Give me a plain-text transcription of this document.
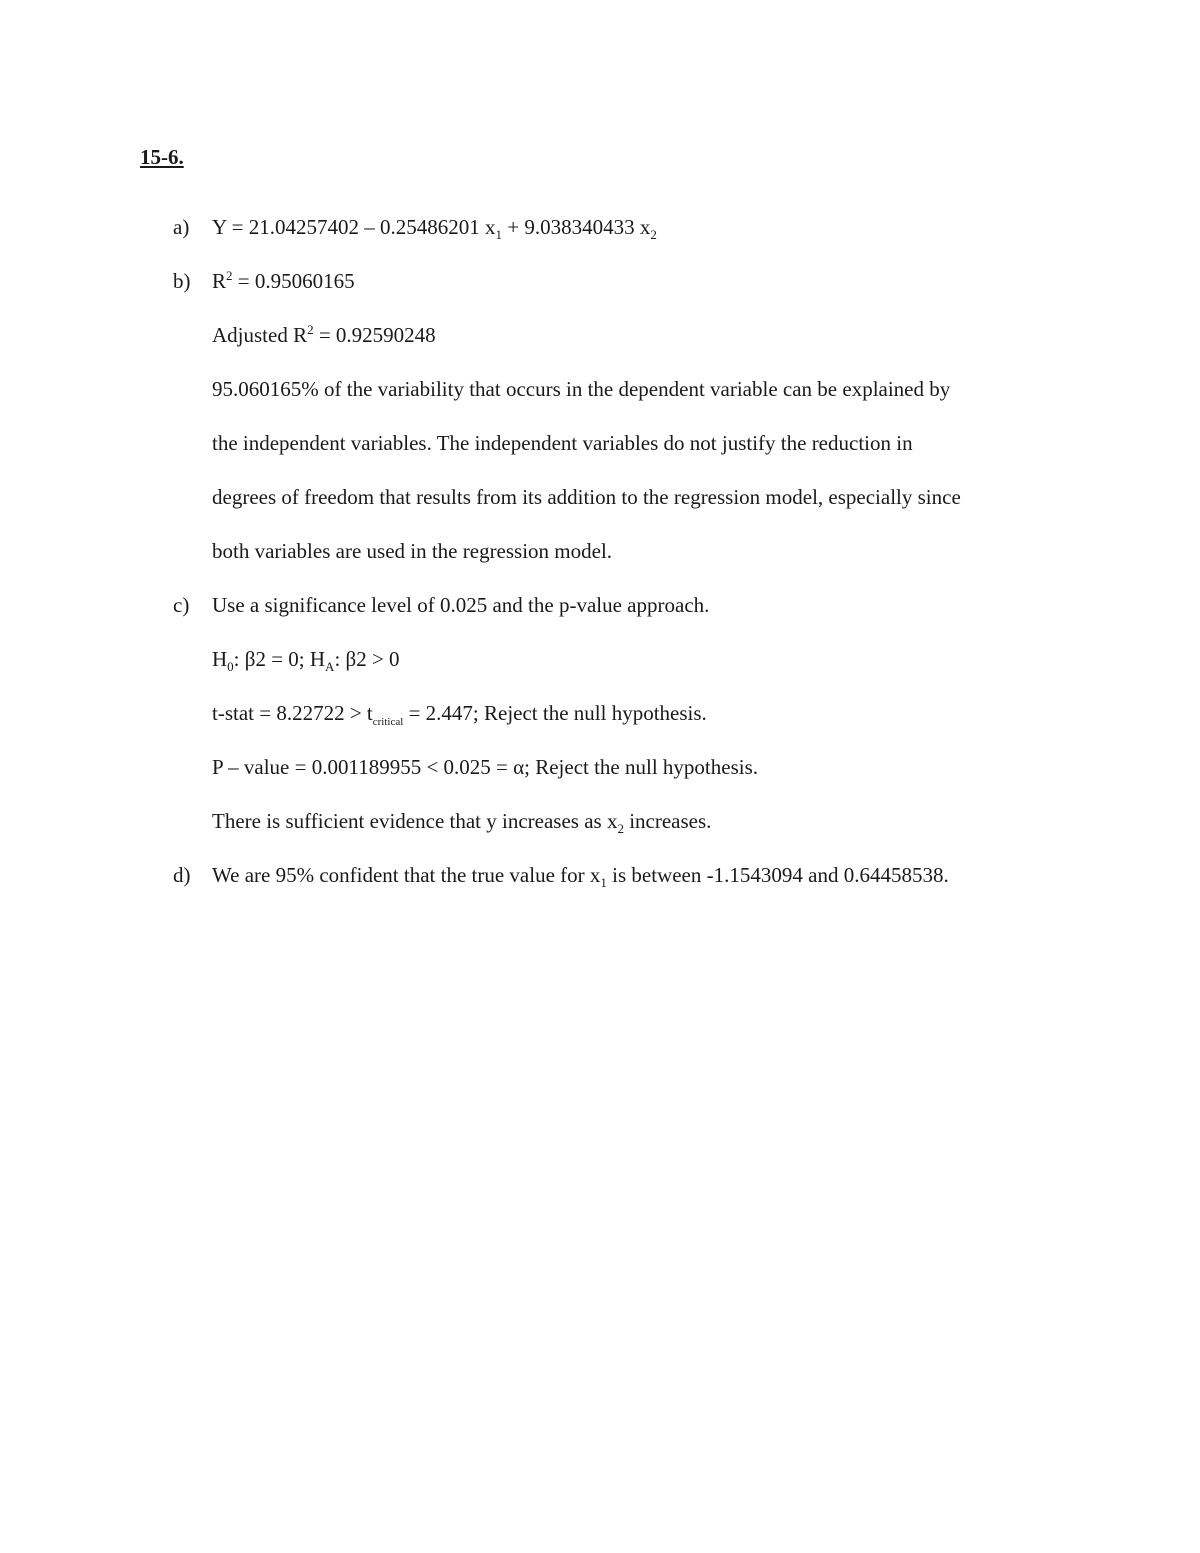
15-6.
a) Y = 21.04257402 – 0.25486201 $x_1 + 9.038340433$ $x_2$
b) $R^2 = 0.95060165$
Adjusted $R^2 = 0.92590248$
95.060165% of the variability that occurs in the dependent variable can be explained by
the independent variables. The independent variables do not justify the reduction in
degrees of freedom that results from its addition to the regression model, especially since
both variables are used in the regression model.
c) Use a significance level of 0.025 and the p-value approach.
$H_0$: β2 = 0; $H_A$: β2 > 0
t-stat = $8.22722 > t_{critical} = 2.447$; Reject the null hypothesis.
P – value = 0.001189955 < 0.025 = α; Reject the null hypothesis.
There is sufficient evidence that y increases as $x_2$ increases.
d) We are 95% confident that the true value for $x_1$ is between -1.1543094 and 0.64458538.
